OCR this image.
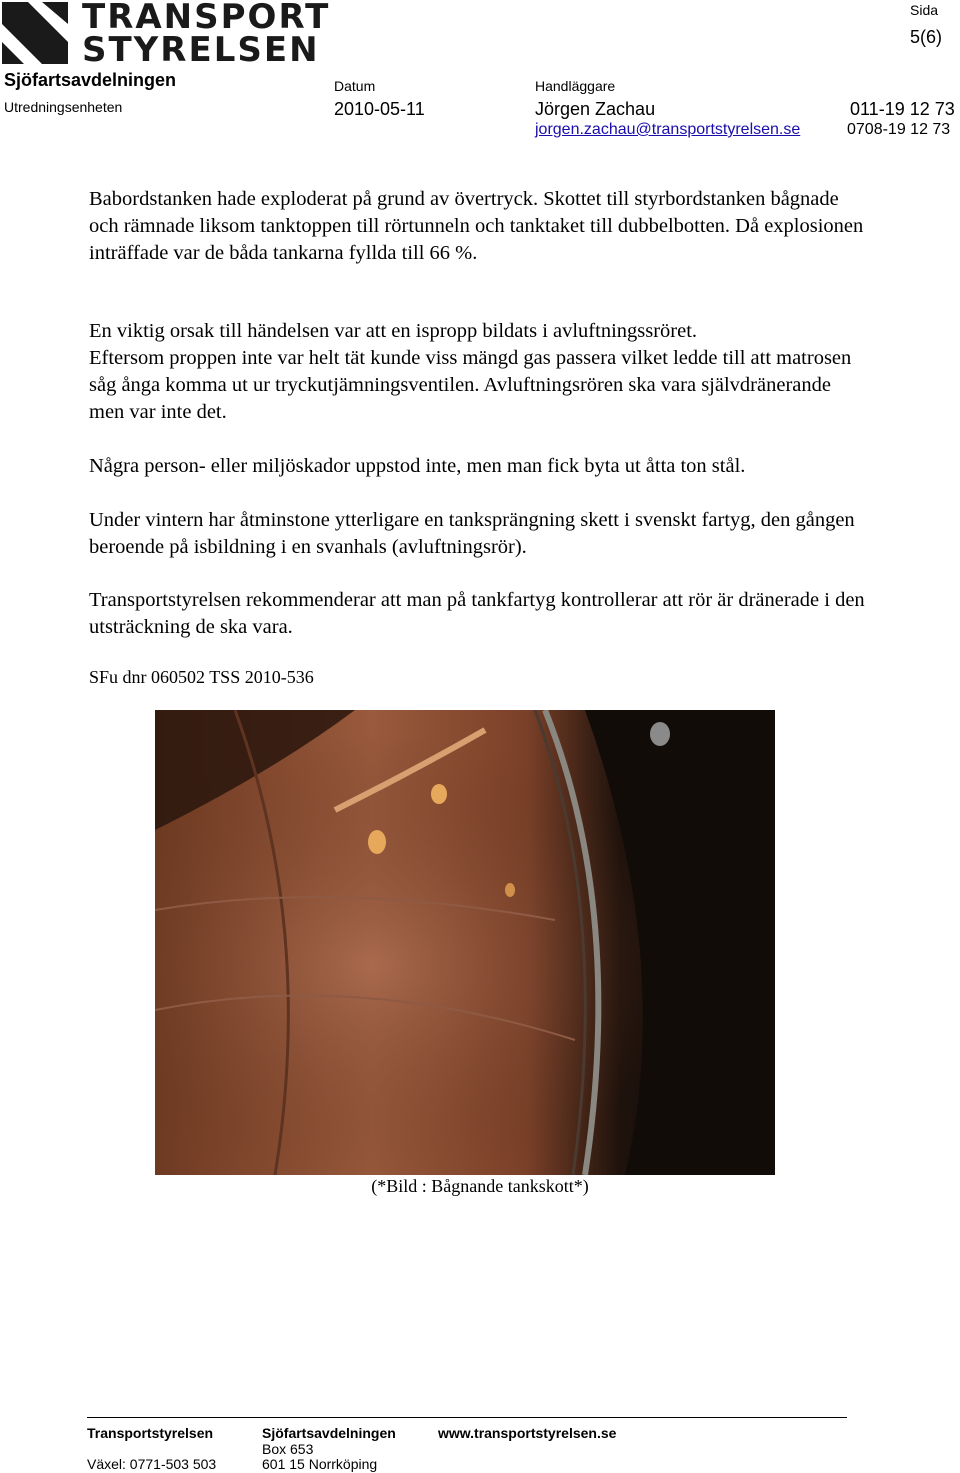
TRANSPORT
STYRELSEN
Sjöfartsavdelningen
Utredningsenheten
Datum
2010-05-11
Handläggare
Jörgen Zachau
jorgen.zachau@transportstyrelsen.se
011-19 12 73
0708-19 12 73
Sida
5(6)

Babordstanken hade exploderat på grund av övertryck. Skottet till styrbordstanken bågnade och rämnade liksom tanktoppen till rörtunneln och tanktaket till dubbelbotten. Då explosionen inträffade var de båda tankarna fyllda till 66 %.

En viktig orsak till händelsen var att en ispropp bildats i avluftningssröret.

Eftersom proppen inte var helt tät kunde viss mängd gas passera vilket ledde till att matrosen såg ånga komma ut ur tryckutjämningsventilen. Avluftningsrören ska vara självdränerande men var inte det.

Några person- eller miljöskador uppstod inte, men man fick byta ut åtta ton stål.

Under vintern har åtminstone ytterligare en tanksprängning skett i svenskt fartyg, den gången beroende på isbildning i en svanhals (avluftningsrör).

Transportstyrelsen rekommenderar att man på tankfartyg kontrollerar att rör är dränerade i den utsträckning de ska vara.

SFu dnr 060502 TSS 2010-536
(*Bild : Bågnande tankskott*)
Transportstyrelsen
Växel: 0771-503 503
Sjöfartsavdelningen
Box 653
601 15 Norrköping
www.transportstyrelsen.se
